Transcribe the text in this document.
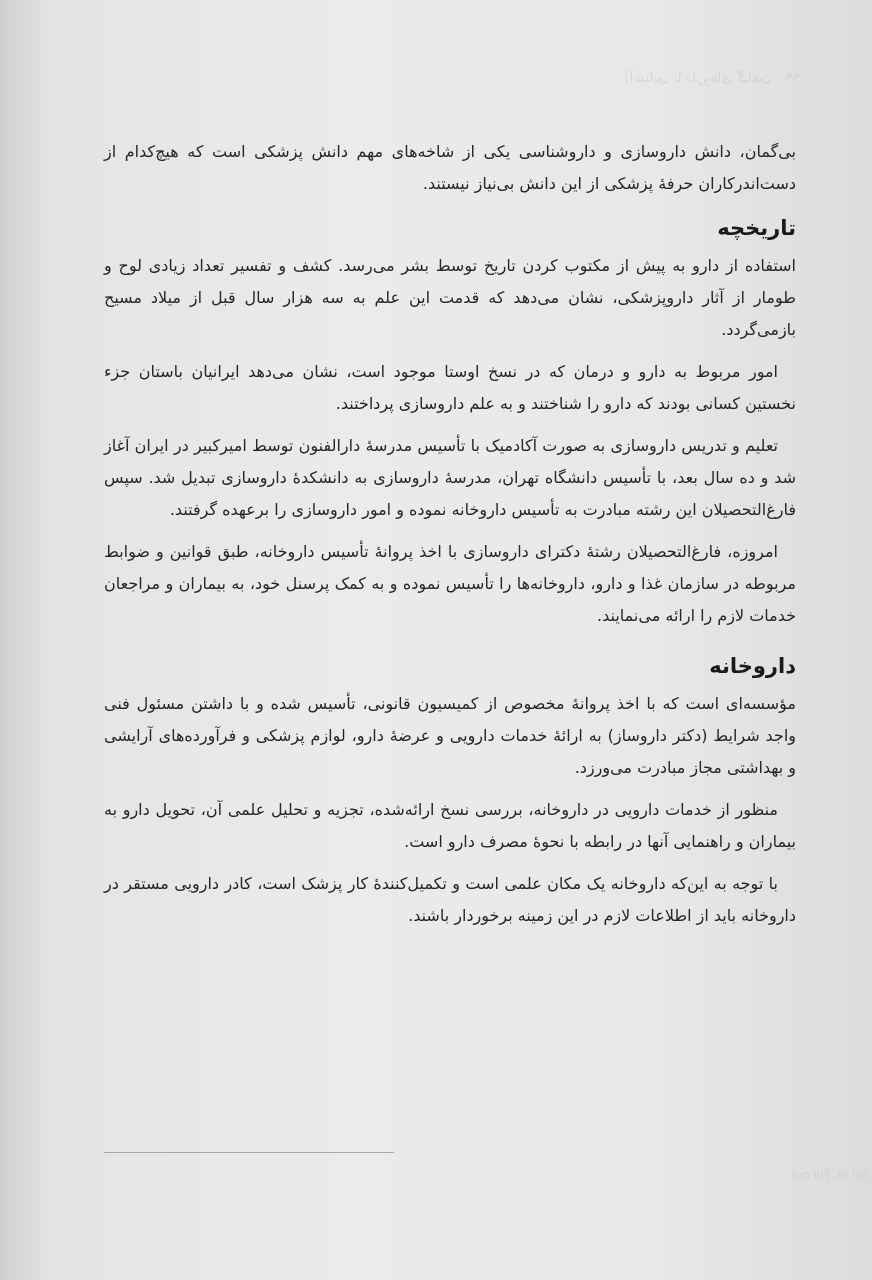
(آشنایی با داروهای گیاهی - ۹۹

بی‌گمان، دانش داروسازی و داروشناسی یکی از شاخه‌های مهم دانش پزشکی است که هیچ‌کدام از دست‌اندرکاران حرفهٔ پزشکی از این دانش بی‌نیاز نیستند.

تاریخچه

استفاده از دارو به پیش از مکتوب کردن تاریخ توسط بشر می‌رسد. کشف و تفسیر تعداد زیادی لوح و طومار از آثار داروپزشکی، نشان می‌دهد که قدمت این علم به سه هزار سال قبل از میلاد مسیح بازمی‌گردد.

امور مربوط به دارو و درمان که در نسخ اوستا موجود است، نشان می‌دهد ایرانیان باستان جزء نخستین کسانی بودند که دارو را شناختند و به علم داروسازی پرداختند.

تعلیم و تدریس داروسازی به صورت آکادمیک با تأسیس مدرسهٔ دارالفنون توسط امیرکبیر در ایران آغاز شد و ده سال بعد، با تأسیس دانشگاه تهران، مدرسهٔ داروسازی به دانشکدهٔ داروسازی تبدیل شد. سپس فارغ‌التحصیلان این رشته مبادرت به تأسیس داروخانه نموده و امور داروسازی را برعهده گرفتند.

امروزه، فارغ‌التحصیلان رشتهٔ دکترای داروسازی با اخذ پروانهٔ تأسیس داروخانه، طبق قوانین و ضوابط مربوطه در سازمان غذا و دارو، داروخانه‌ها را تأسیس نموده و به کمک پرسنل خود، به بیماران و مراجعان خدمات لازم را ارائه می‌نمایند.

داروخانه

مؤسسه‌ای است که با اخذ پروانهٔ مخصوص از کمیسیون قانونی، تأسیس شده و با داشتن مسئول فنی واجد شرایط (دکتر داروساز) به ارائهٔ خدمات دارویی و عرضهٔ دارو، لوازم پزشکی و فرآورده‌های آرایشی و بهداشتی مجاز مبادرت می‌ورزد.

منظور از خدمات دارویی در داروخانه، بررسی نسخ ارائه‌شده، تجزیه و تحلیل علمی آن، تحویل دارو به بیماران و راهنمایی آنها در رابطه با نحوهٔ مصرف دارو است.

با توجه به این‌که داروخانه یک مکان علمی است و تکمیل‌کنندهٔ کار پزشک است، کادر دارویی مستقر در داروخانه باید از اطلاعات لازم در این زمینه برخوردار باشند.

Fill in, Fill out
